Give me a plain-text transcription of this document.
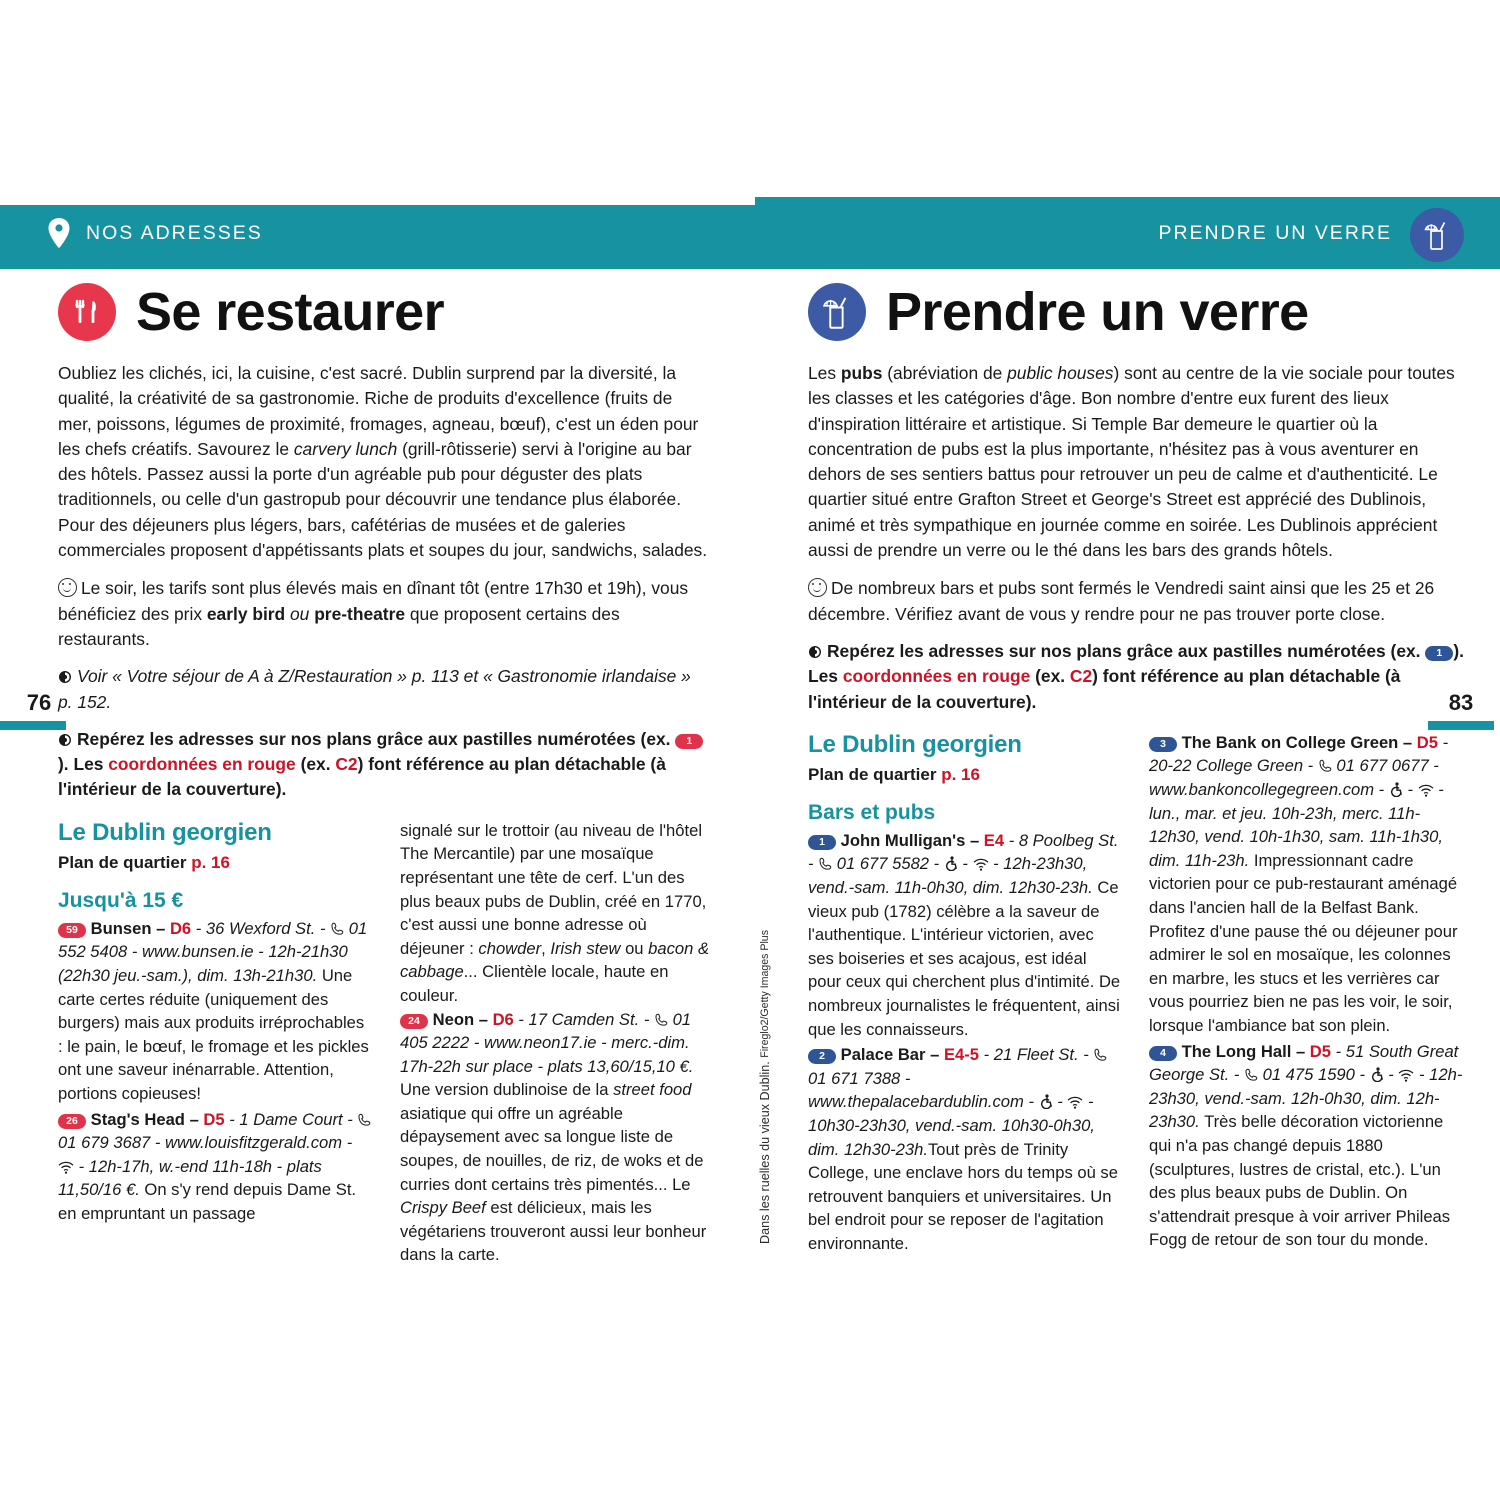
NOS ADRESSES	PRENDRE UN VERRE
76	83
Se restaurer

Oubliez les clichés, ici, la cuisine, c'est sacré. Dublin surprend par la diversité, la qualité, la créativité de sa gastronomie. Riche de produits d'excellence (fruits de mer, poissons, légumes de proximité, fromages, agneau, bœuf), c'est un éden pour les chefs créatifs. Savourez le carvery lunch (grill-rôtisserie) servi à l'origine au bar des hôtels. Passez aussi la porte d'un agréable pub pour déguster des plats traditionnels, ou celle d'un gastropub pour découvrir une tendance plus élaborée. Pour des déjeuners plus légers, bars, cafétérias de musées et de galeries commerciales proposent d'appétissants plats et soupes du jour, sandwichs, salades.

Le soir, les tarifs sont plus élevés mais en dînant tôt (entre 17h30 et 19h), vous bénéficiez des prix early bird ou pre-theatre que proposent certains des restaurants.

Voir « Votre séjour de A à Z/Restauration » p. 113 et « Gastronomie irlandaise » p. 152.

Repérez les adresses sur nos plans grâce aux pastilles numérotées (ex. 1). Les coordonnées en rouge (ex. C2) font référence au plan détachable (à l'intérieur de la couverture).

Le Dublin georgien

Plan de quartier p. 16

Jusqu'à 15 €

59 Bunsen – D6 - 36 Wexford St. -  01 552 5408 - www.bunsen.ie - 12h-21h30 (22h30 jeu.-sam.), dim. 13h-21h30. Une carte certes réduite (uniquement des burgers) mais aux produits irréprochables : le pain, le bœuf, le fromage et les pickles ont une saveur inénarrable. Attention, portions copieuses!

26 Stag's Head – D5 - 1 Dame Court -  01 679 3687 - www.louisfitzgerald.com -  - 12h-17h, w.-end 11h-18h - plats 11,50/16 €. On s'y rend depuis Dame St. en empruntant un passage

signalé sur le trottoir (au niveau de l'hôtel The Mercantile) par une mosaïque représentant une tête de cerf. L'un des plus beaux pubs de Dublin, créé en 1770, c'est aussi une bonne adresse où déjeuner : chowder, Irish stew ou bacon & cabbage... Clientèle locale, haute en couleur.

24 Neon – D6 - 17 Camden St. -  01 405 2222 - www.neon17.ie - merc.-dim. 17h-22h sur place - plats 13,60/15,10 €. Une version dublinoise de la street food asiatique qui offre un agréable dépaysement avec sa longue liste de soupes, de nouilles, de riz, de woks et de curries dont certains très pimentés... Le Crispy Beef est délicieux, mais les végétariens trouveront aussi leur bonheur dans la carte.

Dans les ruelles du vieux Dublin. Fireglo2/Getty Images Plus
Prendre un verre

Les pubs (abréviation de public houses) sont au centre de la vie sociale pour toutes les classes et les catégories d'âge. Bon nombre d'entre eux furent des lieux d'inspiration littéraire et artistique. Si Temple Bar demeure le quartier où la concentration de pubs est la plus importante, n'hésitez pas à vous aventurer en dehors de ses sentiers battus pour retrouver un peu de calme et d'authenticité. Le quartier situé entre Grafton Street et George's Street est apprécié des Dublinois, animé et très sympathique en journée comme en soirée. Les Dublinois apprécient aussi de prendre un verre ou le thé dans les bars des grands hôtels.

De nombreux bars et pubs sont fermés le Vendredi saint ainsi que les 25 et 26 décembre. Vérifiez avant de vous y rendre pour ne pas trouver porte close.

Repérez les adresses sur nos plans grâce aux pastilles numérotées (ex. 1 ). Les coordonnées en rouge (ex. C2) font référence au plan détachable (à l'intérieur de la couverture).

Le Dublin georgien

Plan de quartier p. 16

Bars et pubs

1 John Mulligan's – E4 - 8 Poolbeg St. -  01 677 5582 -  -  - 12h-23h30, vend.-sam. 11h-0h30, dim. 12h30-23h. Ce vieux pub (1782) célèbre a la saveur de l'authentique. L'intérieur victorien, avec ses boiseries et ses acajous, est idéal pour ceux qui cherchent plus d'intimité. De nombreux journalistes le fréquentent, ainsi que les connaisseurs.

2 Palace Bar – E4-5 - 21 Fleet St. -  01 671 7388 - www.thepalacebardublin.com -  -  - 10h30-23h30, vend.-sam. 10h30-0h30, dim. 12h30-23h.Tout près de Trinity College, une enclave hors du temps où se retrouvent banquiers et universitaires. Un bel endroit pour se reposer de l'agitation environnante.

3 The Bank on College Green – D5 - 20-22 College Green -  01 677 0677 - www.bankoncollegegreen.com -  -  - lun., mar. et jeu. 10h-23h, merc. 11h-12h30, vend. 10h-1h30, sam. 11h-1h30, dim. 11h-23h. Impressionnant cadre victorien pour ce pub-restaurant aménagé dans l'ancien hall de la Belfast Bank. Profitez d'une pause thé ou déjeuner pour admirer le sol en mosaïque, les colonnes en marbre, les stucs et les verrières car vous pourriez bien ne pas les voir, le soir, lorsque l'ambiance bat son plein.

4 The Long Hall – D5 - 51 South Great George St. -  01 475 1590 -  -  - 12h-23h30, vend.-sam. 12h-0h30, dim. 12h-23h30. Très belle décoration victorienne qui n'a pas changé depuis 1880 (sculptures, lustres de cristal, etc.). L'un des plus beaux pubs de Dublin. On s'attendrait presque à voir arriver Phileas Fogg de retour de son tour du monde.
